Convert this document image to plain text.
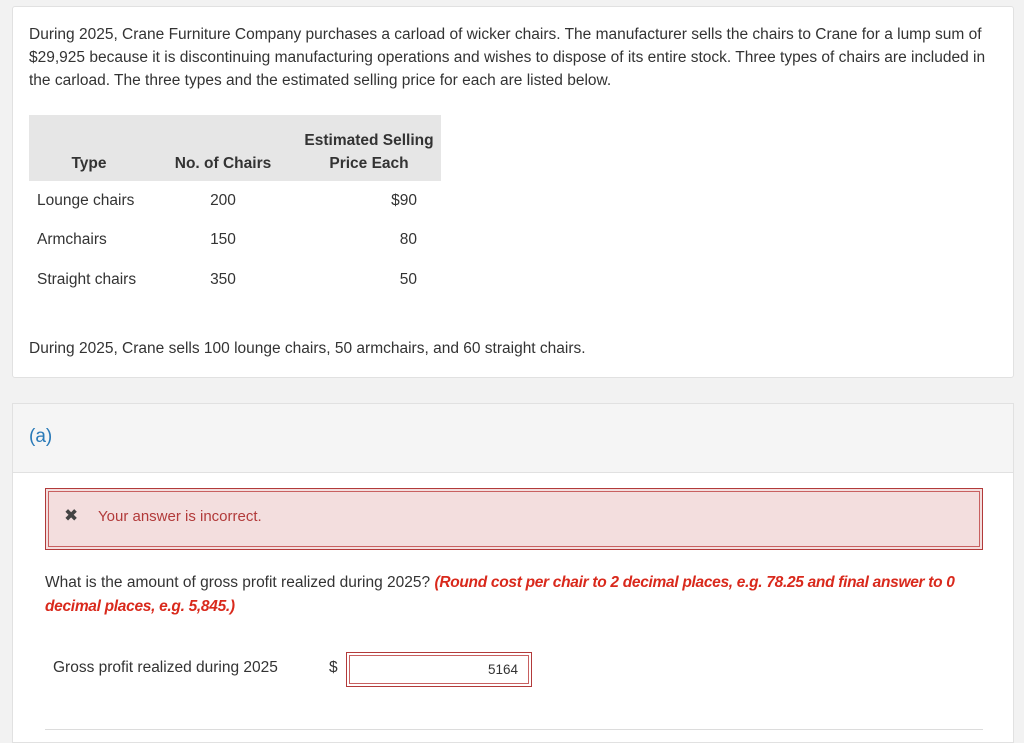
During 2025, Crane Furniture Company purchases a carload of wicker chairs. The manufacturer sells the chairs to Crane for a lump sum of $29,925 because it is discontinuing manufacturing operations and wishes to dispose of its entire stock. Three types of chairs are included in the carload. The three types and the estimated selling price for each are listed below.
Type	No. of Chairs	Estimated Selling
Price Each

Lounge chairs	200	$90
Armchairs	150	80
Straight chairs	350	50
During 2025, Crane sells 100 lounge chairs, 50 armchairs, and 60 straight chairs.
(a)
✖ Your answer is incorrect.
What is the amount of gross profit realized during 2025? (Round cost per chair to 2 decimal places, e.g. 78.25 and final answer to 0 decimal places, e.g. 5,845.)
Gross profit realized during 2025	$
5164
